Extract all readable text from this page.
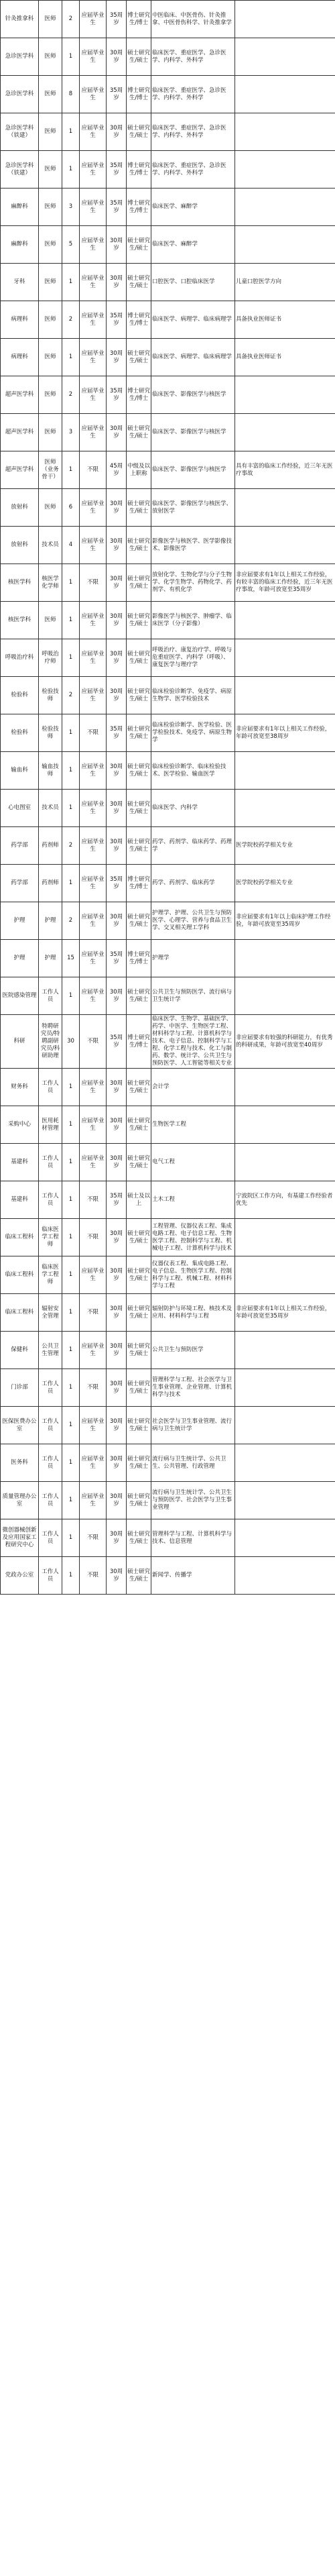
针灸推拿科	医师	2	应届毕业生	35周岁	博士研究生/博士	中医临床、中医骨伤、针灸推拿、中医骨伤科学、针灸推拿学	
急诊医学科	医师	1	应届毕业生	30周岁	硕士研究生/硕士	临床医学、重症医学、急诊医学、内科学、外科学	
急诊医学科	医师	8	应届毕业生	35周岁	博士研究生/博士	临床医学、重症医学、急诊医学、内科学、外科学	
急诊医学科（铁建）	医师	1	应届毕业生	30周岁	硕士研究生/硕士	临床医学、重症医学、急诊医学、内科学、外科学	
急诊医学科（铁建）	医师	1	应届毕业生	35周岁	博士研究生/博士	临床医学、重症医学、急诊医学、内科学、外科学	
麻醉科	医师	3	应届毕业生	35周岁	博士研究生/博士	临床医学、麻醉学	
麻醉科	医师	5	应届毕业生	30周岁	硕士研究生/硕士	临床医学、麻醉学	
牙科	医师	1	应届毕业生	30周岁	硕士研究生/硕士	口腔医学、口腔临床医学	儿童口腔医学方向
病理科	医师	2	应届毕业生	35周岁	博士研究生/博士	临床医学、病理学、临床病理学	具备执业医师证书
病理科	医师	1	应届毕业生	30周岁	硕士研究生/硕士	临床医学、病理学、临床病理学	具备执业医师证书
超声医学科	医师	2	应届毕业生	35周岁	博士研究生/博士	临床医学、影像医学与核医学	
超声医学科	医师	3	应届毕业生	30周岁	硕士研究生/硕士	临床医学、影像医学与核医学	
超声医学科	医师（业务骨干）	1	不限	45周岁	中级及以上职称	临床医学、影像医学与核医学	具有丰富的临床工作经验，近三年无医疗事故
放射科	医师	6	应届毕业生	30周岁	硕士研究生/硕士	临床医学、影像医学与核医学、放射医学	
放射科	技术员	4	应届毕业生	30周岁	硕士研究生/硕士	影像医学与核医学、医学影像技术、影像医学	
核医学科	核医学化学师	1	不限	30周岁	硕士研究生/硕士	放射化学、生物化学与分子生物学、化学生物学、药物化学、药剂学、有机化学	非应届要求有1年以上相关工作经验，有较丰富的临床工作经验，近三年无医疗事故，年龄可放宽至35周岁
核医学科	医师	1	应届毕业生	30周岁	硕士研究生/硕士	影像医学与核医学、肿瘤学、临床医学（分子影像）	
呼吸治疗科	呼吸治疗师	1	应届毕业生	30周岁	硕士研究生/硕士	呼吸治疗、康复治疗学、呼吸与危重症医学、内科学（呼吸）、康复医学与理疗学	
检验科	检验技师	2	应届毕业生	30周岁	硕士研究生/硕士	临床检验诊断学、免疫学、病原生物学、医学检验技术	
检验科	检验技师	1	不限	35周岁	硕士研究生/硕士	临床检验诊断学、医学检验、医学检验技术、免疫学、病原生物学	非应届要求有1年以上相关工作经验，年龄可放宽至38周岁
输血科	输血技师	1	应届毕业生	30周岁	硕士研究生/硕士	临床检验诊断学、临床检验技术、医学检验、输血医学	
心电图室	技术员	1	应届毕业生	30周岁	硕士研究生/硕士	临床医学、内科学	
药学部	药剂师	2	应届毕业生	30周岁	硕士研究生/硕士	药学、药剂学、临床药学、药理学	医学院校药学相关专业
药学部	药剂师	1	应届毕业生	35周岁	博士研究生/博士	药学、药剂学、临床药学	医学院校药学相关专业
护理	护理	2	应届毕业生	30周岁	硕士研究生/硕士	护理学、护理、公共卫生与预防医学、心理学、营养与食品卫生学、交叉相关理工学科	非应届要求有1年以上临床护理工作经验，年龄可放宽至35周岁
护理	护理	15	应届毕业生	35周岁	博士研究生/博士	护理学	
医院感染管理	工作人员	1	应届毕业生	30周岁	硕士研究生/硕士	公共卫生与预防医学、流行病与卫生统计学	
科研	特聘研究员/特聘副研究员/科研助理	30	不限	35周岁	博士研究生/博士	临床医学、生物学、基础医学、药学、中医学、生物医学工程、材料科学与工程、计算机科学与技术、电子信息、控制科学与工程、化学工程与技术、化工与制药、数学、统计学、公共卫生与预防医学、人工智能等相关专业	非应届要求有较强的科研能力，有优秀的科研成果，年龄可放宽至40周岁
财务科	工作人员	1	应届毕业生	30周岁	硕士研究生/硕士	会计学	
采购中心	医用耗材管理	1	应届毕业生	30周岁	硕士研究生/硕士	生物医学工程	
基建科	工作人员	1	应届毕业生	30周岁	硕士研究生/硕士	电气工程	
基建科	工作人员	1	不限	35周岁	硕士及以上	土木工程	宁波院区工作方向，有基建工作经验者优先
临床工程科	临床医学工程师	1	不限	30周岁	硕士研究生/硕士	工程管理、仪器仪表工程、集成电路工程、电子信息工程、生物医学工程、控制科学与工程、机械电子工程、计算机科学与技术	
临床工程科	临床医学工程师	1	应届毕业生	30周岁	硕士研究生/硕士	仪器仪表工程、集成电路工程、电子信息、生物医学工程、控制科学与工程、机械工程、材料科学与工程	
临床工程科	辐射安全管理	1	不限	30周岁	硕士研究生/硕士	辐射防护与环境工程、核技术及应用、材料科学与工程	非应届要求有1年以上相关工作经验，年龄可放宽至35周岁
保健科	公共卫生管理	1	应届毕业生	30周岁	硕士研究生/硕士	公共卫生与预防医学	
门诊部	工作人员	1	不限	30周岁	硕士研究生/硕士	管理科学与工程、社会医学与卫生事业管理、企业管理、计算机科学与技术	
医保医费办公室	工作人员	1	应届毕业生	30周岁	硕士研究生/硕士	社会医学与卫生事业管理、流行病与卫生统计学	
医务科	工作人员	1	应届毕业生	30周岁	硕士研究生/硕士	流行病与卫生统计学、公共卫生、公共管理、行政管理	
质量管理办公室	工作人员	1	应届毕业生	30周岁	硕士研究生/硕士	流行病与卫生统计学、公共卫生与预防医学、社会医学与卫生事业管理	
微创器械创新及应用国家工程研究中心	工作人员	1	不限	30周岁	硕士研究生/硕士	管理科学与工程、计算机科学与技术、信息管理	
党政办公室	工作人员	1	不限	30周岁	硕士研究生/硕士	新闻学、传播学	
